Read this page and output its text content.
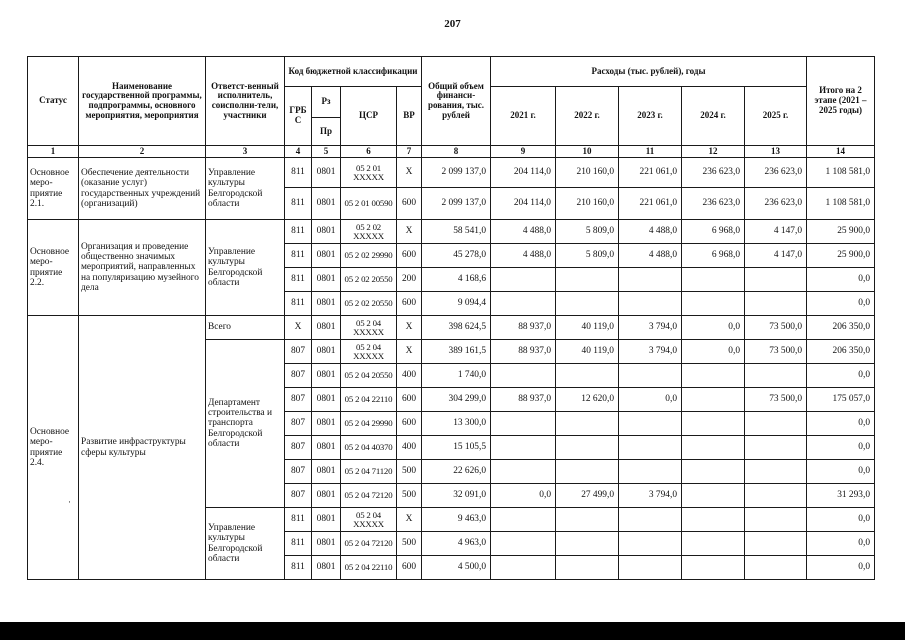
207
Статус	Наименование государственной программы, подпрограммы, основного мероприятия, мероприятия	Ответст-венный исполнитель, соисполни-тели, участники	Код бюджетной классификации				Общий объем финанси-рования, тыс. рублей	Расходы (тыс. рублей), годы					Итого на 2 этапе (2021 – 2025 годы)
			ГРБ С	Рз	ЦСР	ВР		2021 г.	2022 г.	2023 г.	2024 г.	2025 г.	
				Пр									
1	2	3	4	5	6	7	8	9	10	11	12	13	14
Основное меро-приятие 2.1.	Обеспечение деятельности (оказание услуг) государственных учреждений (организаций)	Управление культуры Белгородской области	811	0801	05 2 01 XXXXX	X	2 099 137,0	204 114,0	210 160,0	221 061,0	236 623,0	236 623,0	1 108 581,0
			811	0801	05 2 01 00590	600	2 099 137,0	204 114,0	210 160,0	221 061,0	236 623,0	236 623,0	1 108 581,0
Основное меро-приятие 2.2.	Организация и проведение общественно значимых мероприятий, направленных на популяризацию музейного дела	Управление культуры Белгородской области	811	0801	05 2 02 XXXXX	X	58 541,0	4 488,0	5 809,0	4 488,0	6 968,0	4 147,0	25 900,0
			811	0801	05 2 02 29990	600	45 278,0	4 488,0	5 809,0	4 488,0	6 968,0	4 147,0	25 900,0
			811	0801	05 2 02 20550	200	4 168,6						0,0
			811	0801	05 2 02 20550	600	9 094,4						0,0
Основное меро-приятие 2.4.	Развитие инфраструктуры сферы культуры	Всего	X	0801	05 2 04 XXXXX	X	398 624,5	88 937,0	40 119,0	3 794,0	0,0	73 500,0	206 350,0
		Департамент строительства и транспорта Белгородской области	807	0801	05 2 04 XXXXX	X	389 161,5	88 937,0	40 119,0	3 794,0	0,0	73 500,0	206 350,0
			807	0801	05 2 04 20550	400	1 740,0						0,0
			807	0801	05 2 04 22110	600	304 299,0	88 937,0	12 620,0	0,0		73 500,0	175 057,0
			807	0801	05 2 04 29990	600	13 300,0						0,0
			807	0801	05 2 04 40370	400	15 105,5						0,0
			807	0801	05 2 04 71120	500	22 626,0						0,0
			807	0801	05 2 04 72120	500	32 091,0	0,0	27 499,0	3 794,0			31 293,0
		Управление культуры Белгородской области	811	0801	05 2 04 XXXXX	X	9 463,0						0,0
			811	0801	05 2 04 72120	500	4 963,0						0,0
			811	0801	05 2 04 22110	600	4 500,0						0,0
·
